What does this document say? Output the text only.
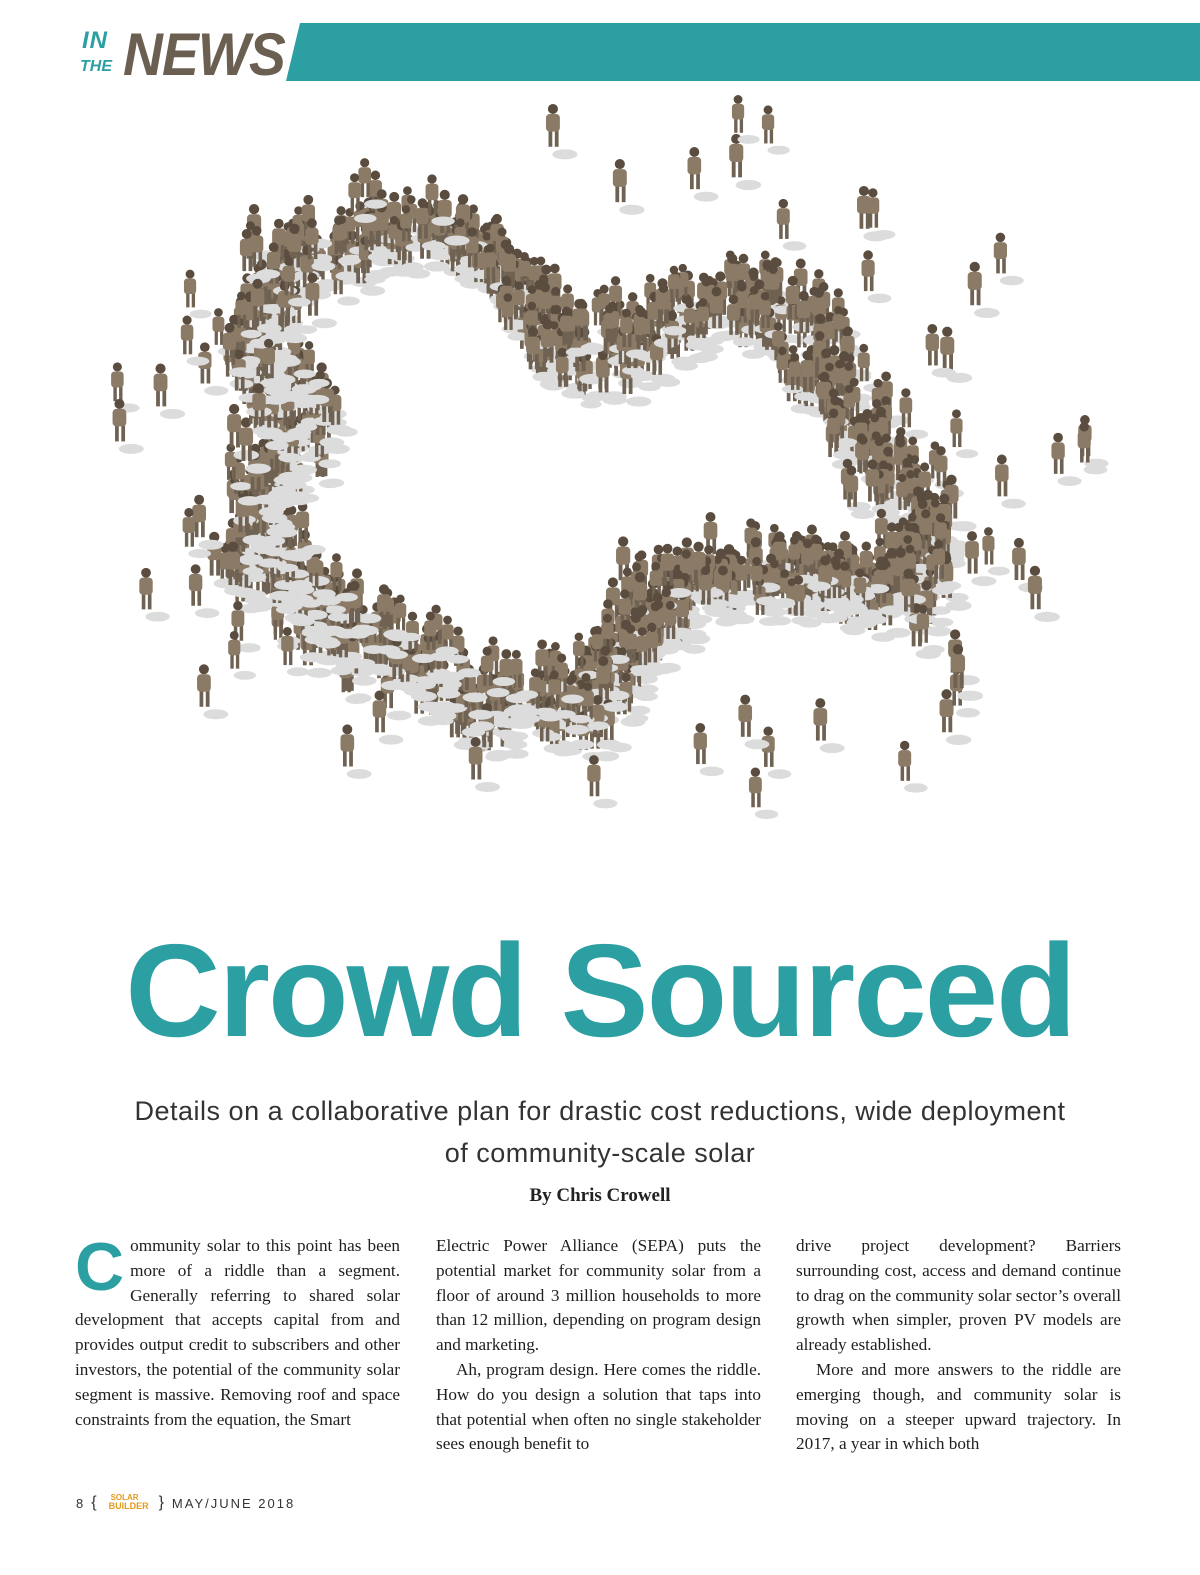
IN
THE NEWS
Crowd Sourced
Details on a collaborative plan for drastic cost reductions, wide deployment
of community-scale solar
By Chris Crowell
C ommunity solar to this point has been more of a riddle than a segment. Generally referring to shared solar development that accepts capital from and provides output credit to subscribers and other investors, the potential of the community solar segment is massive. Removing roof and space constraints from the equation, the Smart

Electric Power Alliance (SEPA) puts the potential market for community solar from a floor of around 3 million households to more than 12 million, depending on program design and marketing.

Ah, program design. Here comes the riddle. How do you design a solution that taps into that potential when often no single stakeholder sees enough benefit to

drive project development? Barriers surrounding cost, access and demand continue to drag on the community solar sector’s overall growth when simpler, proven PV models are already established.

More and more answers to the riddle are emerging though, and community solar is moving on a steeper upward trajectory. In 2017, a year in which both

8 { SOLAR
BUILDER } MAY/JUNE 2018
